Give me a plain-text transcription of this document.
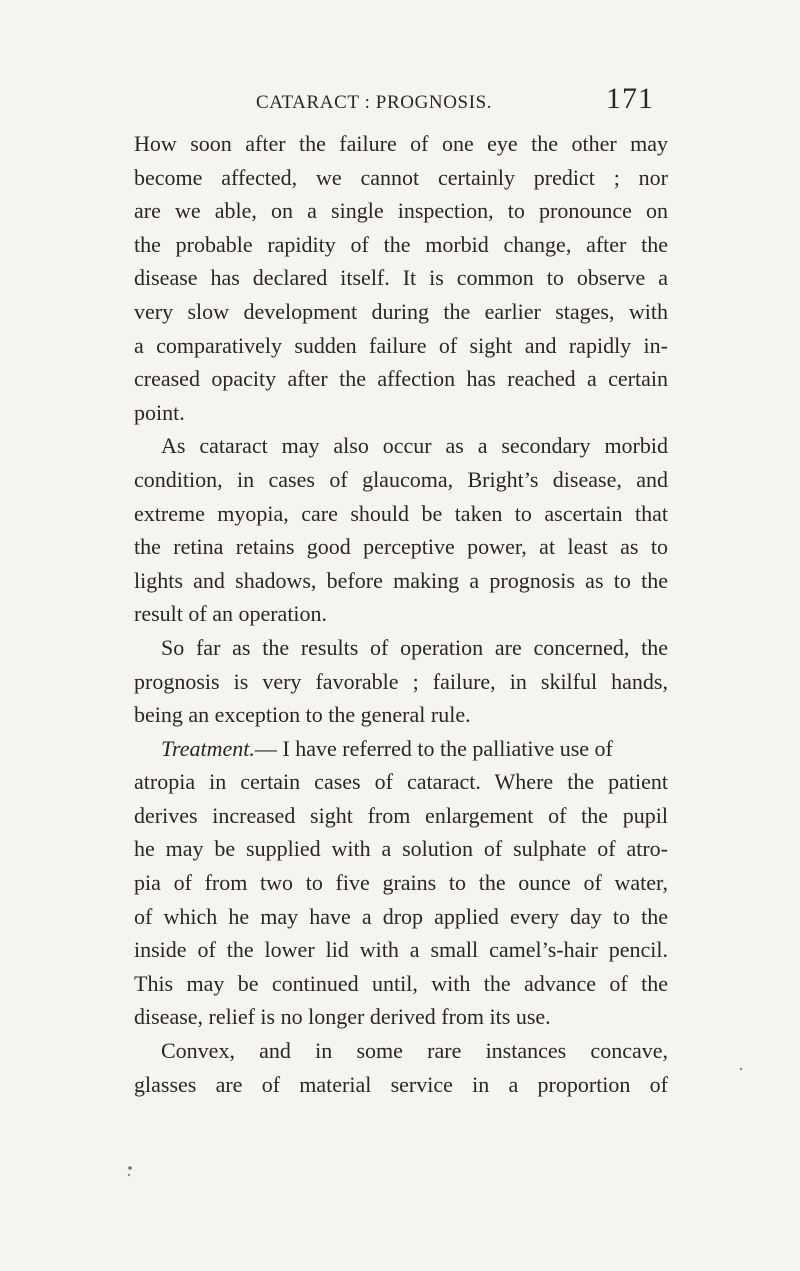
CATARACT : PROGNOSIS.	171
How soon after the failure of one eye the other may
become affected, we cannot certainly predict ; nor
are we able, on a single inspection, to pronounce on
the probable rapidity of the morbid change, after the
disease has declared itself. It is common to observe a
very slow development during the earlier stages, with
a comparatively sudden failure of sight and rapidly in-
creased opacity after the affection has reached a certain
point.
As cataract may also occur as a secondary morbid
condition, in cases of glaucoma, Bright’s disease, and
extreme myopia, care should be taken to ascertain that
the retina retains good perceptive power, at least as to
lights and shadows, before making a prognosis as to the
result of an operation.
So far as the results of operation are concerned, the
prognosis is very favorable ; failure, in skilful hands,
being an exception to the general rule.
Treatment.— I have referred to the palliative use of
atropia in certain cases of cataract. Where the patient
derives increased sight from enlargement of the pupil
he may be supplied with a solution of sulphate of atro-
pia of from two to five grains to the ounce of water,
of which he may have a drop applied every day to the
inside of the lower lid with a small camel’s-hair pencil.
This may be continued until, with the advance of the
disease, relief is no longer derived from its use.
Convex, and in some rare instances concave,
glasses are of material service in a proportion of
